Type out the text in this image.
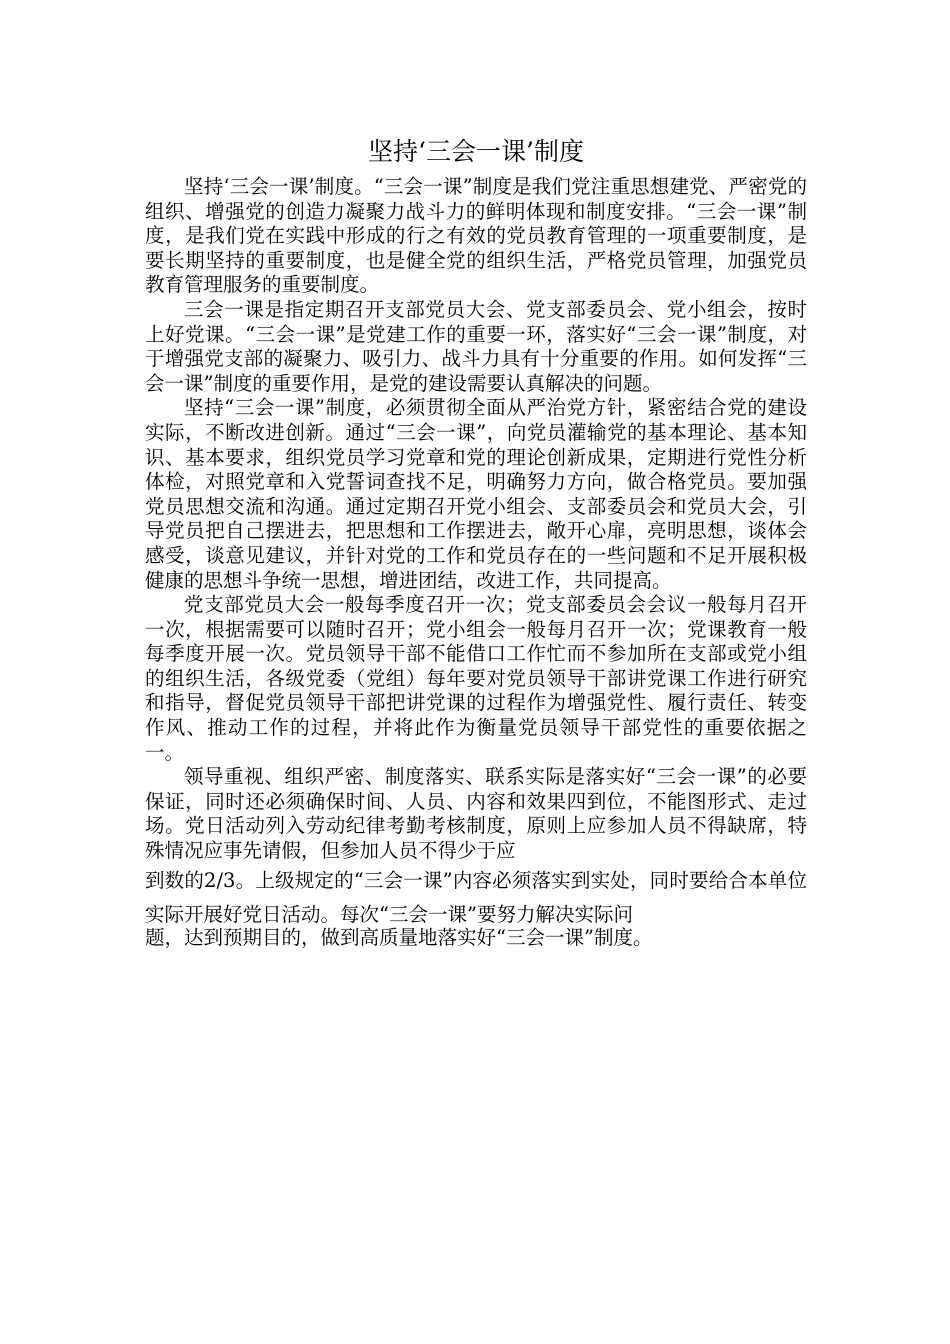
坚持‘三会一课’制度

坚持‘三会一课’制度。“三会一课”制度是我们党注重思想建党、严密党的组织、增强党的创造力凝聚力战斗力的鲜明体现和制度安排。“三会一课”制度，是我们党在实践中形成的行之有效的党员教育管理的一项重要制度，是要长期坚持的重要制度，也是健全党的组织生活，严格党员管理，加强党员教育管理服务的重要制度。

三会一课是指定期召开支部党员大会、党支部委员会、党小组会，按时上好党课。“三会一课”是党建工作的重要一环，落实好“三会一课”制度，对于增强党支部的凝聚力、吸引力、战斗力具有十分重要的作用。如何发挥“三会一课”制度的重要作用，是党的建设需要认真解决的问题。

坚持“三会一课”制度，必须贯彻全面从严治党方针，紧密结合党的建设实际，不断改进创新。通过“三会一课”，向党员灌输党的基本理论、基本知识、基本要求，组织党员学习党章和党的理论创新成果，定期进行党性分析体检，对照党章和入党誓词查找不足，明确努力方向，做合格党员。要加强党员思想交流和沟通。通过定期召开党小组会、支部委员会和党员大会，引导党员把自己摆进去，把思想和工作摆进去，敞开心扉，亮明思想，谈体会感受，谈意见建议，并针对党的工作和党员存在的一些问题和不足开展积极健康的思想斗争统一思想，增进团结，改进工作，共同提高。

党支部党员大会一般每季度召开一次；党支部委员会会议一般每月召开一次，根据需要可以随时召开；党小组会一般每月召开一次；党课教育一般每季度开展一次。党员领导干部不能借口工作忙而不参加所在支部或党小组的组织生活，各级党委（党组）每年要对党员领导干部讲党课工作进行研究和指导，督促党员领导干部把讲党课的过程作为增强党性、履行责任、转变作风、推动工作的过程，并将此作为衡量党员领导干部党性的重要依据之一。

领导重视、组织严密、制度落实、联系实际是落实好“三会一课”的必要保证，同时还必须确保时间、人员、内容和效果四到位，不能图形式、走过场。党日活动列入劳动纪律考勤考核制度，原则上应参加人员不得缺席，特殊情况应事先请假，但参加人员不得少于应

到数的2/3。上级规定的“三会一课”内容必须落实到实处，同时要给合本单位实际开展好党日活动。每次“三会一课”要努力解决实际问

题，达到预期目的，做到高质量地落实好“三会一课”制度。
